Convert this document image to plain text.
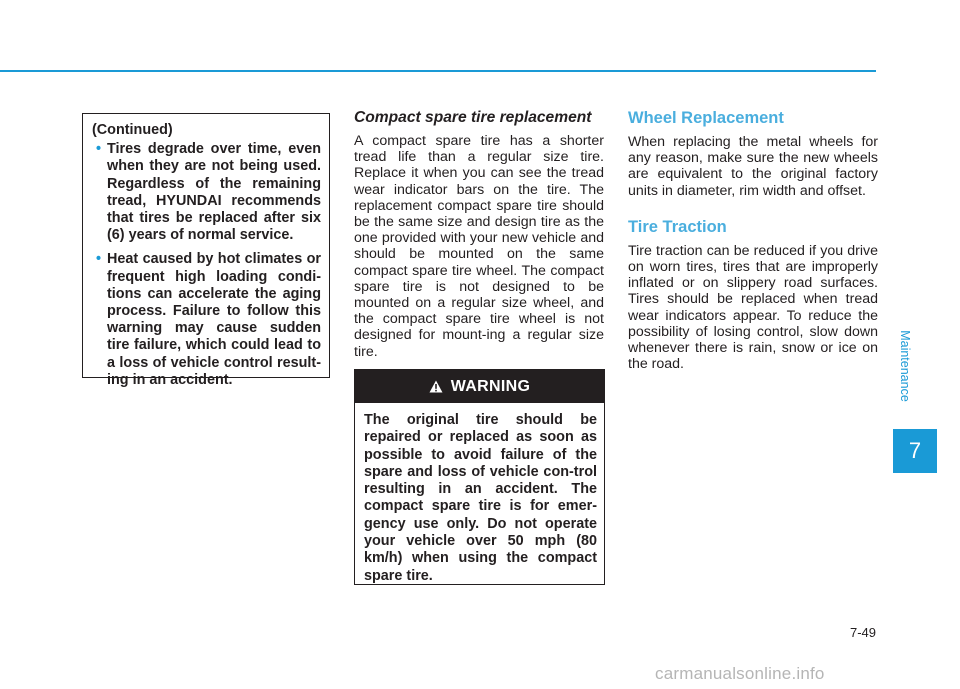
(Continued)
• Tires degrade over time, even when they are not being used. Regardless of the remaining tread, HYUNDAI recommends that tires be replaced after six (6) years of normal service.
• Heat caused by hot climates or frequent high loading condi-tions can accelerate the aging process. Failure to follow this warning may cause sudden tire failure, which could lead to a loss of vehicle control result-ing in an accident.
Compact spare tire replacement

A compact spare tire has a shorter tread life than a regular size tire. Replace it when you can see the tread wear indicator bars on the tire. The replacement compact spare tire should be the same size and design tire as the one provided with your new vehicle and should be mounted on the same compact spare tire wheel. The compact spare tire is not designed to be mounted on a regular size wheel, and the compact spare tire wheel is not designed for mount-ing a regular size tire.

WARNING
The original tire should be repaired or replaced as soon as possible to avoid failure of the spare and loss of vehicle con-trol resulting in an accident. The compact spare tire is for emer-gency use only. Do not operate your vehicle over 50 mph (80 km/h) when using the compact spare tire.
Wheel Replacement

When replacing the metal wheels for any reason, make sure the new wheels are equivalent to the original factory units in diameter, rim width and offset.

Tire Traction

Tire traction can be reduced if you drive on worn tires, tires that are improperly inflated or on slippery road surfaces. Tires should be replaced when tread wear indicators appear. To reduce the possibility of losing control, slow down whenever there is rain, snow or ice on the road.	Maintenance
7
7-49
carmanualsonline.info
